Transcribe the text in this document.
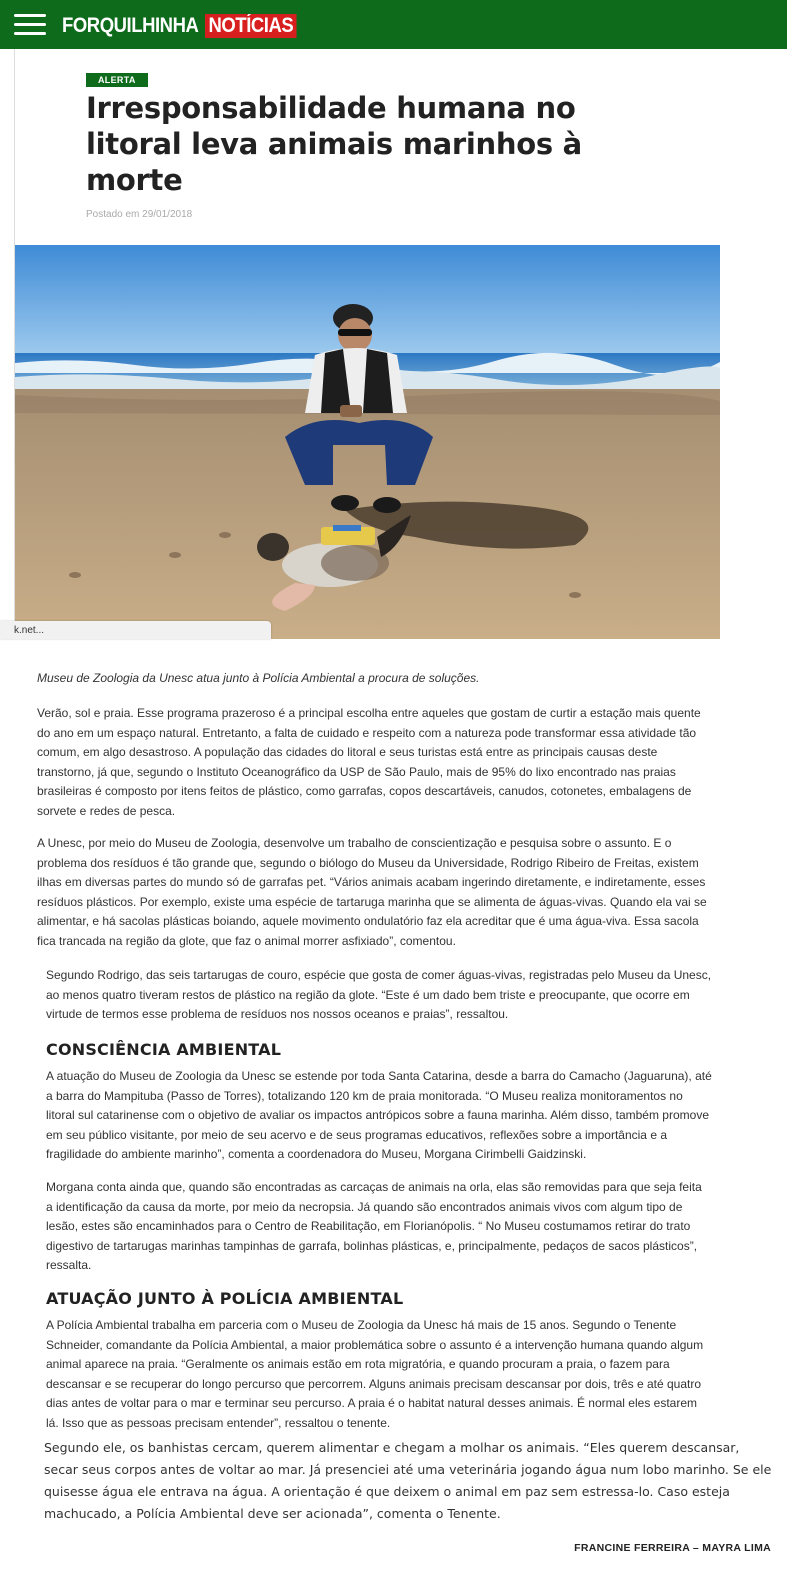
FORQUILHINHA NOTÍCIAS
ALERTA
Irresponsabilidade humana no litoral leva animais marinhos à morte
Postado em 29/01/2018
k.net...
Museu de Zoologia da Unesc atua junto à Polícia Ambiental a procura de soluções.

Verão, sol e praia. Esse programa prazeroso é a principal escolha entre aqueles que gostam de curtir a estação mais quente do ano em um espaço natural. Entretanto, a falta de cuidado e respeito com a natureza pode transformar essa atividade tão comum, em algo desastroso. A população das cidades do litoral e seus turistas está entre as principais causas deste transtorno, já que, segundo o Instituto Oceanográfico da USP de São Paulo, mais de 95% do lixo encontrado nas praias brasileiras é composto por itens feitos de plástico, como garrafas, copos descartáveis, canudos, cotonetes, embalagens de sorvete e redes de pesca.

A Unesc, por meio do Museu de Zoologia, desenvolve um trabalho de conscientização e pesquisa sobre o assunto. E o problema dos resíduos é tão grande que, segundo o biólogo do Museu da Universidade, Rodrigo Ribeiro de Freitas, existem ilhas em diversas partes do mundo só de garrafas pet. “Vários animais acabam ingerindo diretamente, e indiretamente, esses resíduos plásticos. Por exemplo, existe uma espécie de tartaruga marinha que se alimenta de águas-vivas. Quando ela vai se alimentar, e há sacolas plásticas boiando, aquele movimento ondulatório faz ela acreditar que é uma água-viva. Essa sacola fica trancada na região da glote, que faz o animal morrer asfixiado”, comentou.

Segundo Rodrigo, das seis tartarugas de couro, espécie que gosta de comer águas-vivas, registradas pelo Museu da Unesc, ao menos quatro tiveram restos de plástico na região da glote. “Este é um dado bem triste e preocupante, que ocorre em virtude de termos esse problema de resíduos nos nossos oceanos e praias”, ressaltou.

CONSCIÊNCIA AMBIENTAL

A atuação do Museu de Zoologia da Unesc se estende por toda Santa Catarina, desde a barra do Camacho (Jaguaruna), até a barra do Mampituba (Passo de Torres), totalizando 120 km de praia monitorada. “O Museu realiza monitoramentos no litoral sul catarinense com o objetivo de avaliar os impactos antrópicos sobre a fauna marinha. Além disso, também promove em seu público visitante, por meio de seu acervo e de seus programas educativos, reflexões sobre a importância e a fragilidade do ambiente marinho”, comenta a coordenadora do Museu, Morgana Cirimbelli Gaidzinski.

Morgana conta ainda que, quando são encontradas as carcaças de animais na orla, elas são removidas para que seja feita a identificação da causa da morte, por meio da necropsia. Já quando são encontrados animais vivos com algum tipo de lesão, estes são encaminhados para o Centro de Reabilitação, em Florianópolis. “ No Museu costumamos retirar do trato digestivo de tartarugas marinhas tampinhas de garrafa, bolinhas plásticas, e, principalmente, pedaços de sacos plásticos”, ressalta.

ATUAÇÃO JUNTO À POLÍCIA AMBIENTAL

A Polícia Ambiental trabalha em parceria com o Museu de Zoologia da Unesc há mais de 15 anos. Segundo o Tenente Schneider, comandante da Polícia Ambiental, a maior problemática sobre o assunto é a intervenção humana quando algum animal aparece na praia. “Geralmente os animais estão em rota migratória, e quando procuram a praia, o fazem para descansar e se recuperar do longo percurso que percorrem. Alguns animais precisam descansar por dois, três e até quatro dias antes de voltar para o mar e terminar seu percurso. A praia é o habitat natural desses animais. É normal eles estarem lá. Isso que as pessoas precisam entender”, ressaltou o tenente.

Segundo ele, os banhistas cercam, querem alimentar e chegam a molhar os animais. “Eles querem descansar, secar seus corpos antes de voltar ao mar. Já presenciei até uma veterinária jogando água num lobo marinho. Se ele quisesse água ele entrava na água. A orientação é que deixem o animal em paz sem estressa-lo. Caso esteja machucado, a Polícia Ambiental deve ser acionada”, comenta o Tenente.

FRANCINE FERREIRA – MAYRA LIMA
